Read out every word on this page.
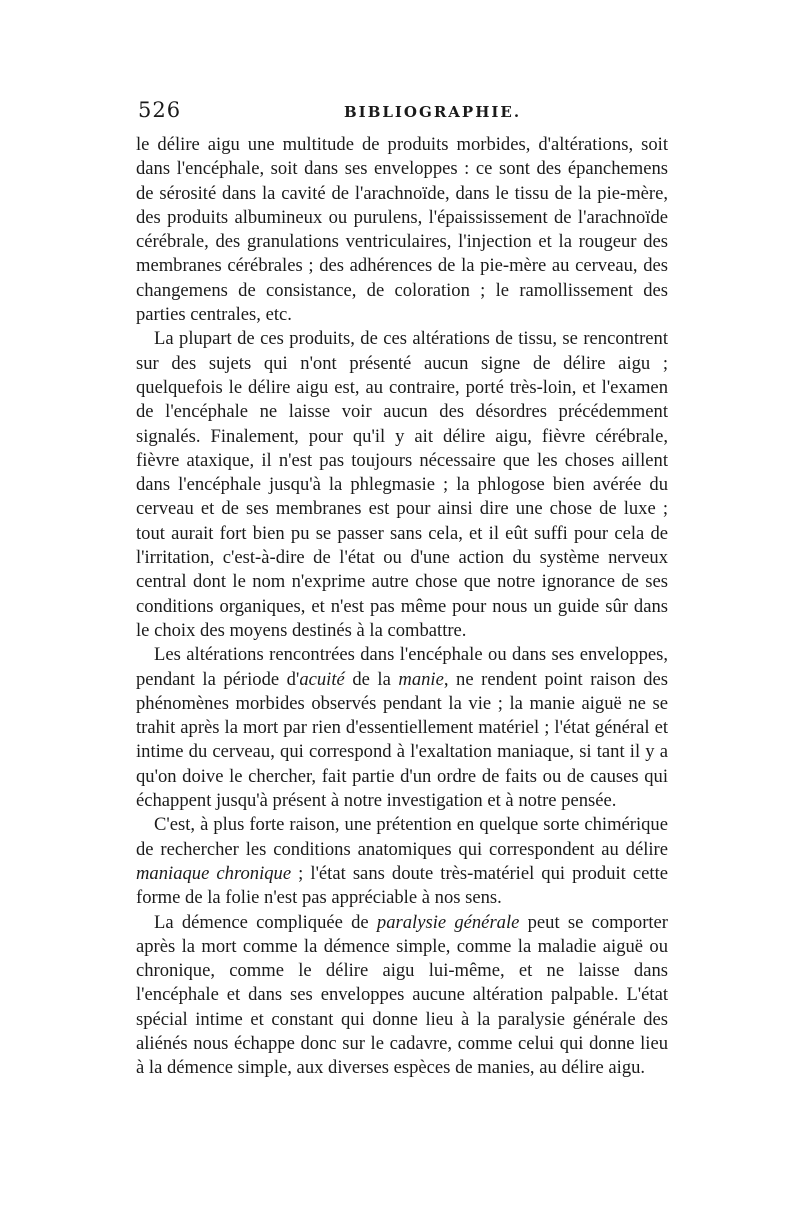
526	BIBLIOGRAPHIE.

le délire aigu une multitude de produits morbides, d'altérations, soit dans l'encéphale, soit dans ses enveloppes : ce sont des épanchemens de sérosité dans la cavité de l'arachnoïde, dans le tissu de la pie-mère, des produits albumineux ou purulens, l'épaississement de l'arachnoïde cérébrale, des granulations ventriculaires, l'injection et la rougeur des membranes cérébrales ; des adhérences de la pie-mère au cerveau, des changemens de consistance, de coloration ; le ramollissement des parties centrales, etc.

La plupart de ces produits, de ces altérations de tissu, se rencontrent sur des sujets qui n'ont présenté aucun signe de délire aigu ; quelquefois le délire aigu est, au contraire, porté très-loin, et l'examen de l'encéphale ne laisse voir aucun des désordres précédemment signalés. Finalement, pour qu'il y ait délire aigu, fièvre cérébrale, fièvre ataxique, il n'est pas toujours nécessaire que les choses aillent dans l'encéphale jusqu'à la phlegmasie ; la phlogose bien avérée du cerveau et de ses membranes est pour ainsi dire une chose de luxe ; tout aurait fort bien pu se passer sans cela, et il eût suffi pour cela de l'irritation, c'est-à-dire de l'état ou d'une action du système nerveux central dont le nom n'exprime autre chose que notre ignorance de ses conditions organiques, et n'est pas même pour nous un guide sûr dans le choix des moyens destinés à la combattre.

Les altérations rencontrées dans l'encéphale ou dans ses enveloppes, pendant la période d'acuité de la manie, ne rendent point raison des phénomènes morbides observés pendant la vie ; la manie aiguë ne se trahit après la mort par rien d'essentiellement matériel ; l'état général et intime du cerveau, qui correspond à l'exaltation maniaque, si tant il y a qu'on doive le chercher, fait partie d'un ordre de faits ou de causes qui échappent jusqu'à présent à notre investigation et à notre pensée.

C'est, à plus forte raison, une prétention en quelque sorte chimérique de rechercher les conditions anatomiques qui correspondent au délire maniaque chronique ; l'état sans doute très-matériel qui produit cette forme de la folie n'est pas appréciable à nos sens.

La démence compliquée de paralysie générale peut se comporter après la mort comme la démence simple, comme la maladie aiguë ou chronique, comme le délire aigu lui-même, et ne laisse dans l'encéphale et dans ses enveloppes aucune altération palpable. L'état spécial intime et constant qui donne lieu à la paralysie générale des aliénés nous échappe donc sur le cadavre, comme celui qui donne lieu à la démence simple, aux diverses espèces de manies, au délire aigu.
